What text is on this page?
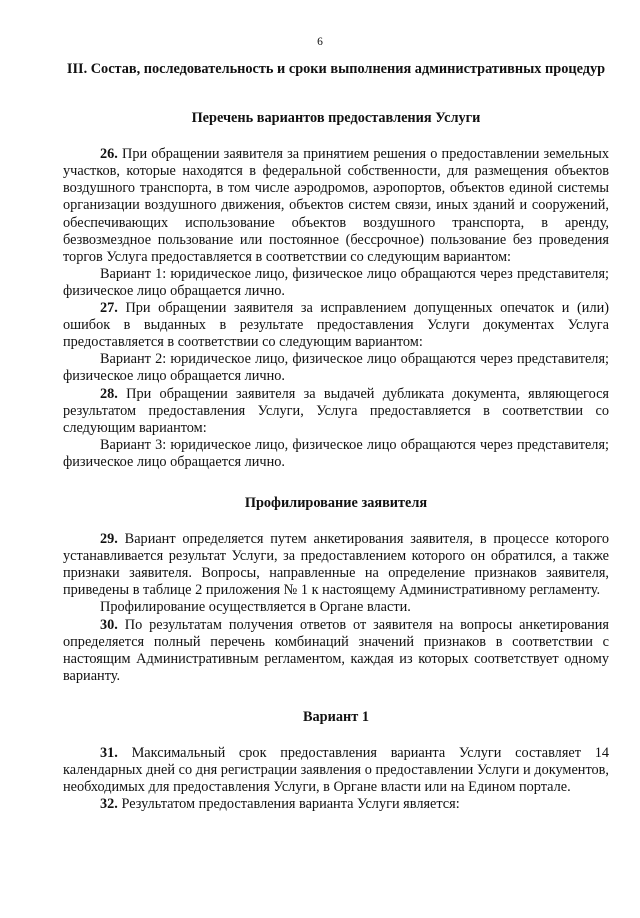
6
III. Состав, последовательность и сроки выполнения административных процедур
Перечень вариантов предоставления Услуги

26. При обращении заявителя за принятием решения о предоставлении земельных участков, которые находятся в федеральной собственности, для размещения объектов воздушного транспорта, в том числе аэродромов, аэропортов, объектов единой системы организации воздушного движения, объектов систем связи, иных зданий и сооружений, обеспечивающих использование объектов воздушного транспорта, в аренду, безвозмездное пользование или постоянное (бессрочное) пользование без проведения торгов Услуга предоставляется в соответствии со следующим вариантом:

Вариант 1: юридическое лицо, физическое лицо обращаются через представителя; физическое лицо обращается лично.

27. При обращении заявителя за исправлением допущенных опечаток и (или) ошибок в выданных в результате предоставления Услуги документах Услуга предоставляется в соответствии со следующим вариантом:

Вариант 2: юридическое лицо, физическое лицо обращаются через представителя; физическое лицо обращается лично.

28. При обращении заявителя за выдачей дубликата документа, являющегося результатом предоставления Услуги, Услуга предоставляется в соответствии со следующим вариантом:

Вариант 3: юридическое лицо, физическое лицо обращаются через представителя; физическое лицо обращается лично.

Профилирование заявителя

29. Вариант определяется путем анкетирования заявителя, в процессе которого устанавливается результат Услуги, за предоставлением которого он обратился, а также признаки заявителя. Вопросы, направленные на определение признаков заявителя, приведены в таблице 2 приложения № 1 к настоящему Административному регламенту.

Профилирование осуществляется в Органе власти.

30. По результатам получения ответов от заявителя на вопросы анкетирования определяется полный перечень комбинаций значений признаков в соответствии с настоящим Административным регламентом, каждая из которых соответствует одному варианту.

Вариант 1

31. Максимальный срок предоставления варианта Услуги составляет 14 календарных дней со дня регистрации заявления о предоставлении Услуги и документов, необходимых для предоставления Услуги, в Органе власти или на Едином портале.

32. Результатом предоставления варианта Услуги является:
